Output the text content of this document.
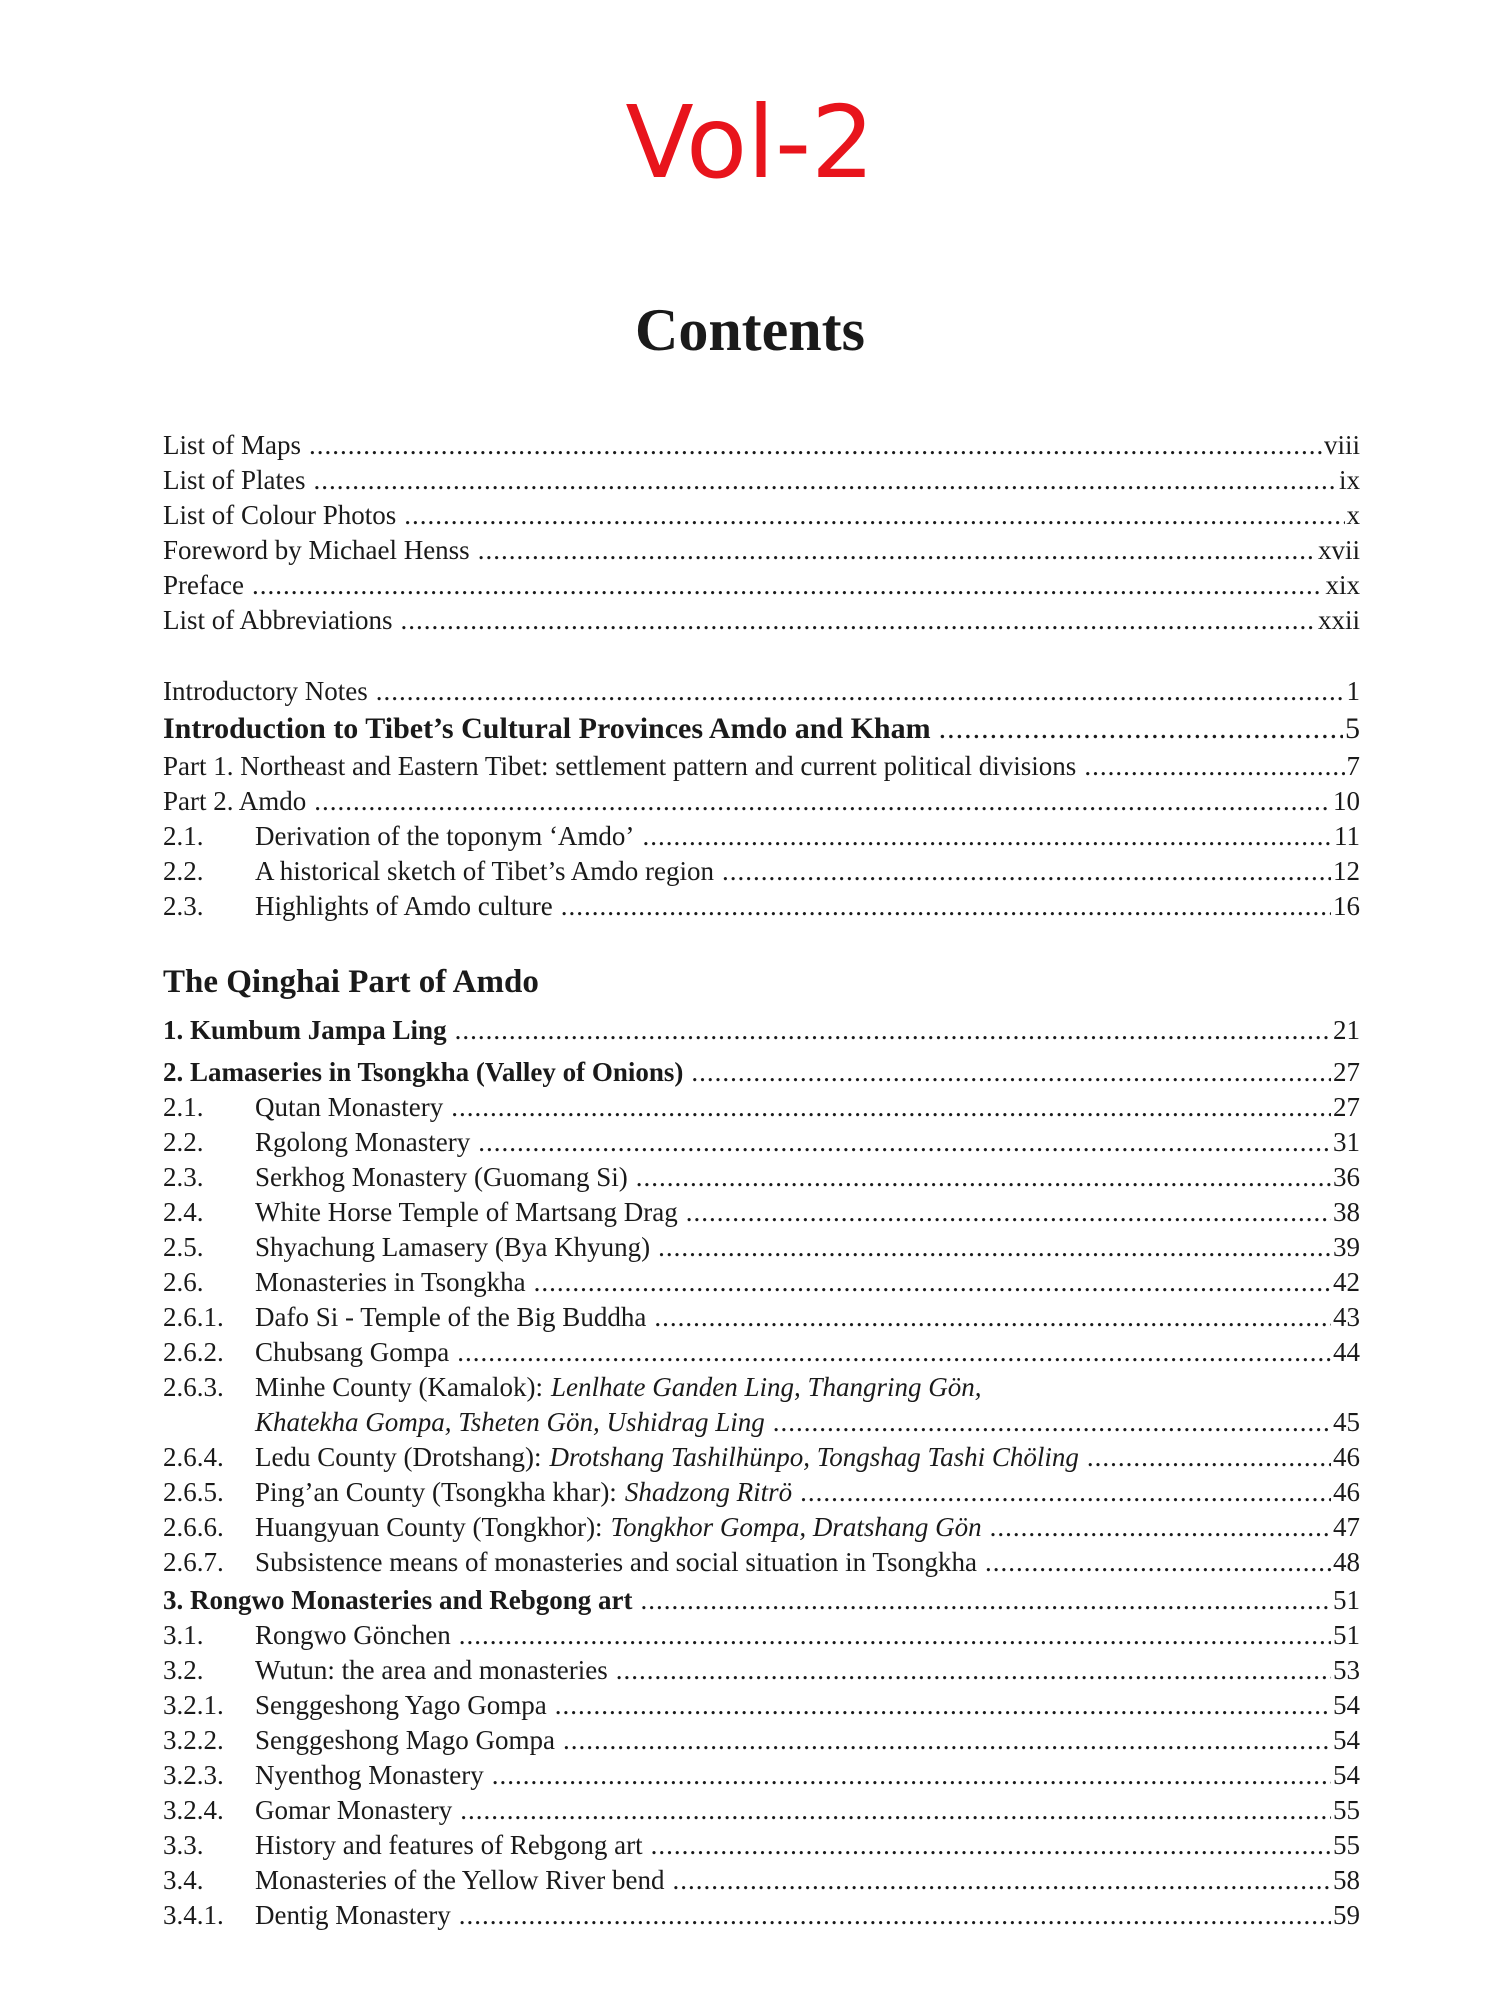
Vol-2
Contents
List of Maps .....	viii
List of Plates .....	ix
List of Colour Photos .....	x
Foreword by Michael Henss .....	xvii
Preface .....	xix
List of Abbreviations .....	xxii
Introductory Notes .....	1
Introduction to Tibet’s Cultural Provinces Amdo and Kham .....	5
Part 1. Northeast and Eastern Tibet: settlement pattern and current political divisions .....	7
Part 2. Amdo .....	10
2.1.	Derivation of the toponym ‘Amdo’ .....	11
2.2.	A historical sketch of Tibet’s Amdo region .....	12
2.3.	Highlights of Amdo culture .....	16
The Qinghai Part of Amdo
1. Kumbum Jampa Ling .....	21
2. Lamaseries in Tsongkha (Valley of Onions) .....	27
2.1.	Qutan Monastery .....	27
2.2.	Rgolong Monastery .....	31
2.3.	Serkhog Monastery (Guomang Si) .....	36
2.4.	White Horse Temple of Martsang Drag .....	38
2.5.	Shyachung Lamasery (Bya Khyung) .....	39
2.6.	Monasteries in Tsongkha .....	42
2.6.1.	Dafo Si - Temple of the Big Buddha .....	43
2.6.2.	Chubsang Gompa .....	44
2.6.3.	Minhe County (Kamalok): Lenlhate Ganden Ling, Thangring Gön,
Khatekha Gompa, Tsheten Gön, Ushidrag Ling .....	45
2.6.4.	Ledu County (Drotshang): Drotshang Tashilhünpo, Tongshag Tashi Chöling .....	46
2.6.5.	Ping’an County (Tsongkha khar): Shadzong Ritrö .....	46
2.6.6.	Huangyuan County (Tongkhor): Tongkhor Gompa, Dratshang Gön .....	47
2.6.7.	Subsistence means of monasteries and social situation in Tsongkha .....	48
3. Rongwo Monasteries and Rebgong art .....	51
3.1.	Rongwo Gönchen .....	51
3.2.	Wutun: the area and monasteries .....	53
3.2.1.	Senggeshong Yago Gompa .....	54
3.2.2.	Senggeshong Mago Gompa .....	54
3.2.3.	Nyenthog Monastery .....	54
3.2.4.	Gomar Monastery .....	55
3.3.	History and features of Rebgong art .....	55
3.4.	Monasteries of the Yellow River bend .....	58
3.4.1.	Dentig Monastery .....	59
